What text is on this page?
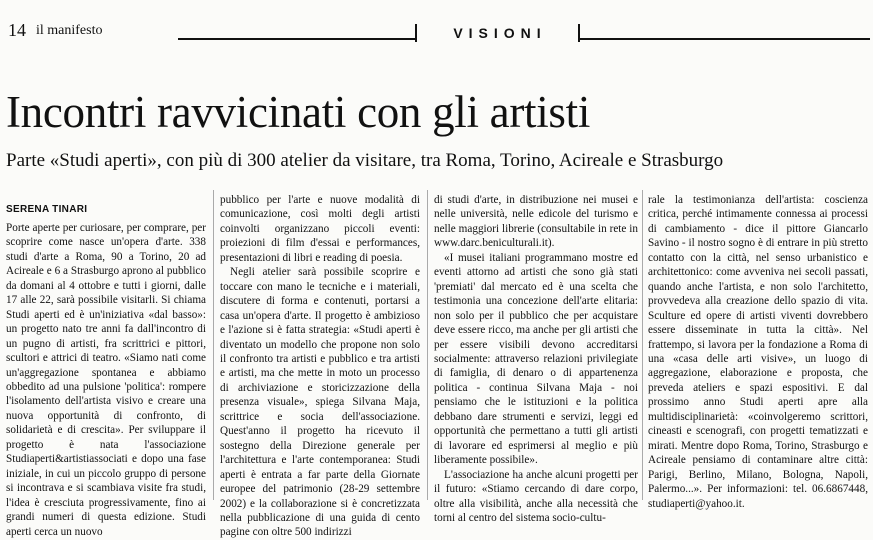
14 il manifesto	VISIONI
Incontri ravvicinati con gli artisti
Parte «Studi aperti», con più di 300 atelier da visitare, tra Roma, Torino, Acireale e Strasburgo
SERENA TINARI

Porte aperte per curiosare, per comprare, per scoprire come nasce un'opera d'arte. 338 studi d'arte a Roma, 90 a Torino, 20 ad Acireale e 6 a Strasburgo aprono al pubblico da domani al 4 ottobre e tutti i giorni, dalle 17 alle 22, sarà possibile visitarli. Si chiama Studi aperti ed è un'iniziativa «dal basso»: un progetto nato tre anni fa dall'incontro di un pugno di artisti, fra scrittrici e pittori, scultori e attrici di teatro. «Siamo nati come un'aggregazione spontanea e abbiamo obbedito ad una pulsione 'politica': rompere l'isolamento dell'artista visivo e creare una nuova opportunità di confronto, di solidarietà e di crescita». Per sviluppare il progetto è nata l'associazione Studiaperti&artistiassociati e dopo una fase iniziale, in cui un piccolo gruppo di persone si incontrava e si scambiava visite fra studi, l'idea è cresciuta progressivamente, fino ai grandi numeri di questa edizione. Studi aperti cerca un nuovo

pubblico per l'arte e nuove modalità di comunicazione, così molti degli artisti coinvolti organizzano piccoli eventi: proiezioni di film d'essai e performances, presentazioni di libri e reading di poesia.

Negli atelier sarà possibile scoprire e toccare con mano le tecniche e i materiali, discutere di forma e contenuti, portarsi a casa un'opera d'arte. Il progetto è ambizioso e l'azione si è fatta strategia: «Studi aperti è diventato un modello che propone non solo il confronto tra artisti e pubblico e tra artisti e artisti, ma che mette in moto un processo di archiviazione e storicizzazione della presenza visuale», spiega Silvana Maja, scrittrice e socia dell'associazione. Quest'anno il progetto ha ricevuto il sostegno della Direzione generale per l'architettura e l'arte contemporanea: Studi aperti è entrata a far parte della Giornate europee del patrimonio (28-29 settembre 2002) e la collaborazione si è concretizzata nella pubblicazione di una guida di cento pagine con oltre 500 indirizzi

di studi d'arte, in distribuzione nei musei e nelle università, nelle edicole del turismo e nelle maggiori librerie (consultabile in rete in www.darc.beniculturali.it).

«I musei italiani programmano mostre ed eventi attorno ad artisti che sono già stati 'premiati' dal mercato ed è una scelta che testimonia una concezione dell'arte elitaria: non solo per il pubblico che per acquistare deve essere ricco, ma anche per gli artisti che per essere visibili devono accreditarsi socialmente: attraverso relazioni privilegiate di famiglia, di denaro o di appartenenza politica - continua Silvana Maja - noi pensiamo che le istituzioni e la politica debbano dare strumenti e servizi, leggi ed opportunità che permettano a tutti gli artisti di lavorare ed esprimersi al meglio e più liberamente possibile».

L'associazione ha anche alcuni progetti per il futuro: «Stiamo cercando di dare corpo, oltre alla visibilità, anche alla necessità che torni al centro del sistema socio-cultu-

rale la testimonianza dell'artista: coscienza critica, perché intimamente connessa ai processi di cambiamento - dice il pittore Giancarlo Savino - il nostro sogno è di entrare in più stretto contatto con la città, nel senso urbanistico e architettonico: come avveniva nei secoli passati, quando anche l'artista, e non solo l'architetto, provvedeva alla creazione dello spazio di vita. Sculture ed opere di artisti viventi dovrebbero essere disseminate in tutta la città». Nel frattempo, si lavora per la fondazione a Roma di una «casa delle arti visive», un luogo di aggregazione, elaborazione e proposta, che preveda ateliers e spazi espositivi. E dal prossimo anno Studi aperti apre alla multidisciplinarietà: «coinvolgeremo scrittori, cineasti e scenografi, con progetti tematizzati e mirati. Mentre dopo Roma, Torino, Strasburgo e Acireale pensiamo di contaminare altre città: Parigi, Berlino, Milano, Bologna, Napoli, Palermo...». Per informazioni: tel. 06.6867448, studiaperti@yahoo.it.
